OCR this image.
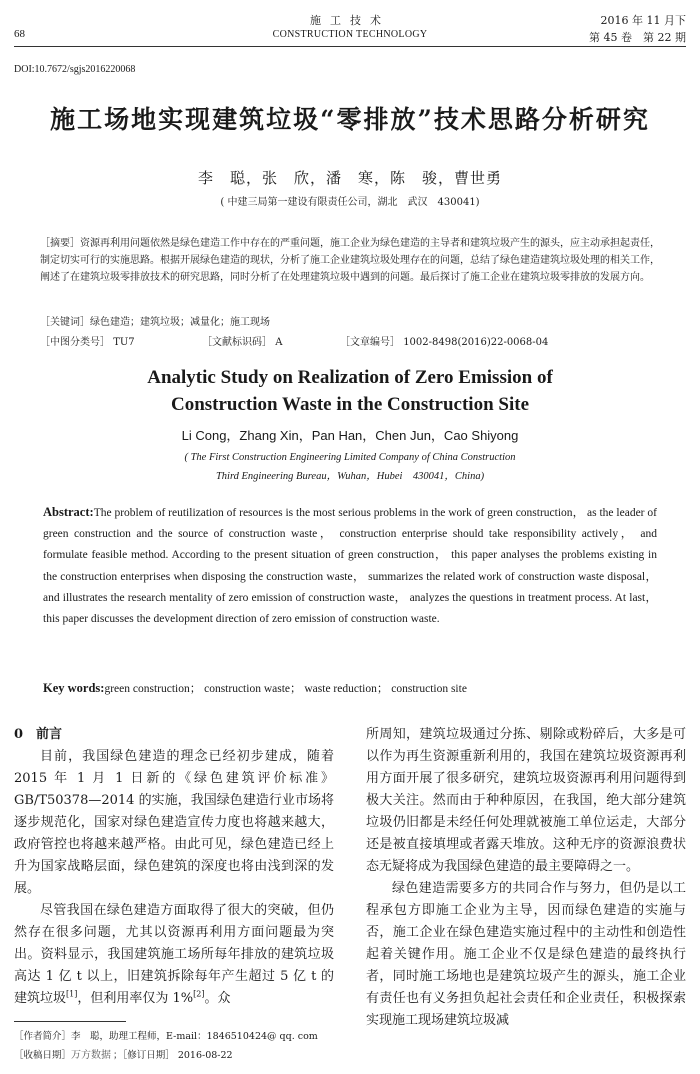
68
施工技术
CONSTRUCTION TECHNOLOGY
2016 年 11 月下
第 45 卷　第 22 期
DOI:10.7672/sgjs2016220068
施工场地实现建筑垃圾“零排放”技术思路分析研究
李　聪，张　欣，潘　寒，陈　骏，曹世勇
( 中建三局第一建设有限责任公司，湖北　武汉　430041)
［摘要］资源再利用问题依然是绿色建造工作中存在的严重问题，施工企业为绿色建造的主导者和建筑垃圾产生的源头，应主动承担起责任，制定切实可行的实施思路。根据开展绿色建造的现状，分析了施工企业建筑垃圾处理存在的问题，总结了绿色建造建筑垃圾处理的相关工作，阐述了在建筑垃圾零排放技术的研究思路，同时分析了在处理建筑垃圾中遇到的问题。最后探讨了施工企业在建筑垃圾零排放的发展方向。
［关键词］绿色建造；建筑垃圾；减量化；施工现场
［中图分类号］ TU7	［文献标识码］ A	［文章编号］ 1002-8498(2016)22-0068-04
Analytic Study on Realization of Zero Emission of
Construction Waste in the Construction Site
Li Cong，Zhang Xin，Pan Han，Chen Jun，Cao Shiyong
( The First Construction Engineering Limited Company of China Construction
Third Engineering Bureau，Wuhan，Hubei　430041，China)
Abstract:The problem of reutilization of resources is the most serious problems in the work of green construction， as the leader of green construction and the source of construction waste， construction enterprise should take responsibility actively， and formulate feasible method. According to the present situation of green construction， this paper analyses the problems existing in the construction enterprises when disposing the construction waste， summarizes the related work of construction waste disposal， and illustrates the research mentality of zero emission of construction waste， analyzes the questions in treatment process. At last， this paper discusses the development direction of zero emission of construction waste.
Key words:green construction； construction waste； waste reduction； construction site
0 前言

目前，我国绿色建造的理念已经初步建成，随着 2015 年 1 月 1 日新的《绿色建筑评价标准》GB/T50378—2014 的实施，我国绿色建造行业市场将逐步规范化，国家对绿色建造宣传力度也将越来越大，政府管控也将越来越严格。由此可见，绿色建造已经上升为国家战略层面，绿色建筑的深度也将由浅到深的发展。

尽管我国在绿色建造方面取得了很大的突破，但仍然存在很多问题，尤其以资源再利用方面问题最为突出。资料显示，我国建筑施工场所每年排放的建筑垃圾高达 1 亿 t 以上，旧建筑拆除每年产生超过 5 亿 t 的建筑垃圾[1]，但利用率仅为 1%[2]。众

所周知，建筑垃圾通过分拣、剔除或粉碎后，大多是可以作为再生资源重新利用的，我国在建筑垃圾资源再利用方面开展了很多研究，建筑垃圾资源再利用问题得到极大关注。然而由于种种原因，在我国，绝大部分建筑垃圾仍旧都是未经任何处理就被施工单位运走，大部分还是被直接填埋或者露天堆放。这种无序的资源浪费状态无疑将成为我国绿色建造的最主要障碍之一。

绿色建造需要多方的共同合作与努力，但仍是以工程承包方即施工企业为主导，因而绿色建造的实施与否，施工企业在绿色建造实施过程中的主动性和创造性起着关键作用。施工企业不仅是绿色建造的最终执行者，同时施工场地也是建筑垃圾产生的源头，施工企业有责任也有义务担负起社会责任和企业责任，积极探索实现施工现场建筑垃圾减

［作者简介］李　聪，助理工程师，E-mail：1846510424@ qq. com
［收稿日期］万方数据 ；［修订日期］ 2016-08-22
